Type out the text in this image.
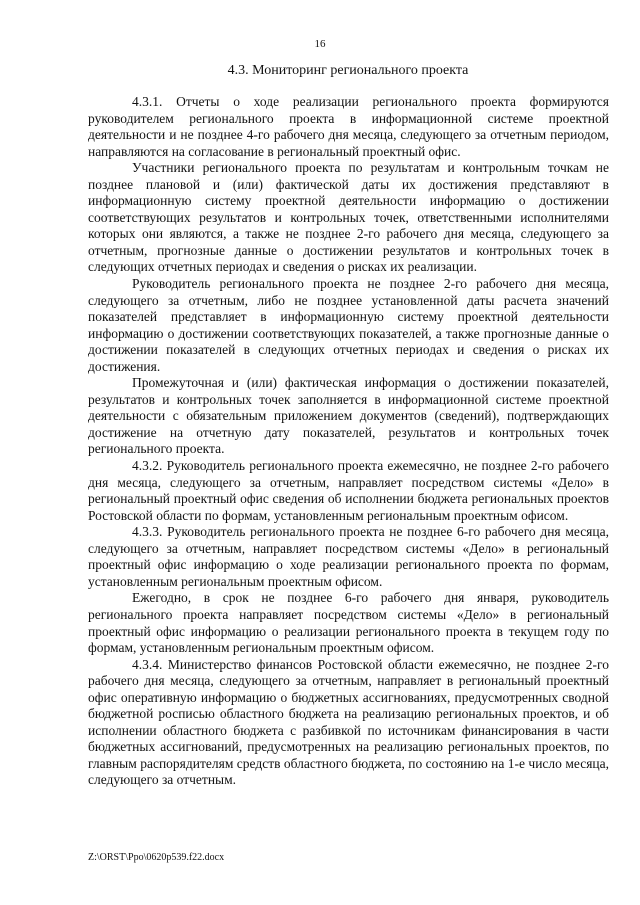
16
4.3. Мониторинг регионального проекта

4.3.1. Отчеты о ходе реализации регионального проекта формируются руководителем регионального проекта в информационной системе проектной деятельности и не позднее 4-го рабочего дня месяца, следующего за отчетным периодом, направляются на согласование в региональный проектный офис.

Участники регионального проекта по результатам и контрольным точкам не позднее плановой и (или) фактической даты их достижения представляют в информационную систему проектной деятельности информацию о достижении соответствующих результатов и контрольных точек, ответственными исполнителями которых они являются, а также не позднее 2-го рабочего дня месяца, следующего за отчетным, прогнозные данные о достижении результатов и контрольных точек в следующих отчетных периодах и сведения о рисках их реализации.

Руководитель регионального проекта не позднее 2-го рабочего дня месяца, следующего за отчетным, либо не позднее установленной даты расчета значений показателей представляет в информационную систему проектной деятельности информацию о достижении соответствующих показателей, а также прогнозные данные о достижении показателей в следующих отчетных периодах и сведения о рисках их достижения.

Промежуточная и (или) фактическая информация о достижении показателей, результатов и контрольных точек заполняется в информационной системе проектной деятельности с обязательным приложением документов (сведений), подтверждающих достижение на отчетную дату показателей, результатов и контрольных точек регионального проекта.

4.3.2. Руководитель регионального проекта ежемесячно, не позднее 2-го рабочего дня месяца, следующего за отчетным, направляет посредством системы «Дело» в региональный проектный офис сведения об исполнении бюджета региональных проектов Ростовской области по формам, установленным региональным проектным офисом.

4.3.3. Руководитель регионального проекта не позднее 6-го рабочего дня месяца, следующего за отчетным, направляет посредством системы «Дело» в региональный проектный офис информацию о ходе реализации регионального проекта по формам, установленным региональным проектным офисом.

Ежегодно, в срок не позднее 6-го рабочего дня января, руководитель регионального проекта направляет посредством системы «Дело» в региональный проектный офис информацию о реализации регионального проекта в текущем году по формам, установленным региональным проектным офисом.

4.3.4. Министерство финансов Ростовской области ежемесячно, не позднее 2-го рабочего дня месяца, следующего за отчетным, направляет в региональный проектный офис оперативную информацию о бюджетных ассигнованиях, предусмотренных сводной бюджетной росписью областного бюджета на реализацию региональных проектов, и об исполнении областного бюджета с разбивкой по источникам финансирования в части бюджетных ассигнований, предусмотренных на реализацию региональных проектов, по главным распорядителям средств областного бюджета, по состоянию на 1-е число месяца, следующего за отчетным.

Z:\ORST\Ppo\0620p539.f22.docx
